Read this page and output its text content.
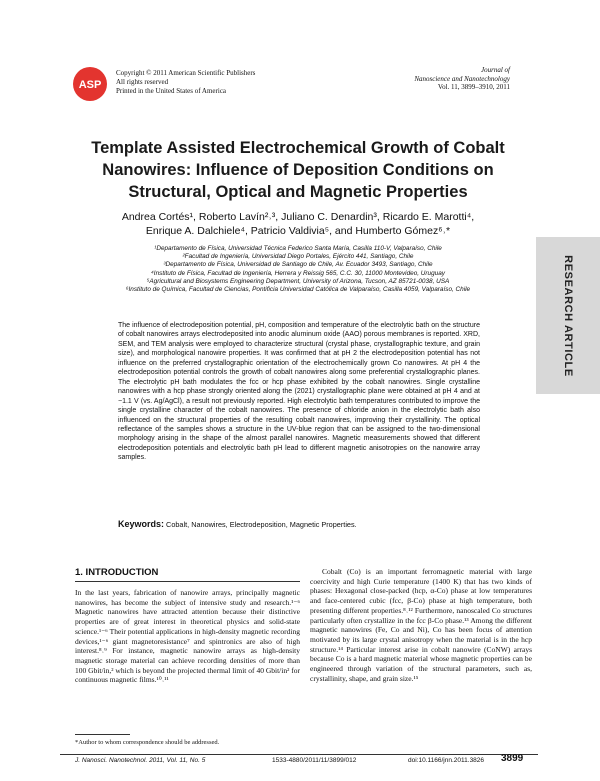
ASP
Copyright © 2011 American Scientific Publishers
All rights reserved
Printed in the United States of America
Journal of
Nanoscience and Nanotechnology
Vol. 11, 3899–3910, 2011
RESEARCH ARTICLE
Template Assisted Electrochemical Growth of Cobalt Nanowires: Influence of Deposition Conditions on Structural, Optical and Magnetic Properties
Andrea Cortés¹, Roberto Lavín²˒³, Juliano C. Denardin³, Ricardo E. Marotti⁴,
Enrique A. Dalchiele⁴, Patricio Valdivia⁵, and Humberto Gómez⁶˒*
¹Departamento de Física, Universidad Técnica Federico Santa María, Casilla 110-V, Valparaíso, Chile
²Facultad de Ingeniería, Universidad Diego Portales, Ejército 441, Santiago, Chile
³Departamento de Física, Universidad de Santiago de Chile, Av. Ecuador 3493, Santiago, Chile
⁴Instituto de Física, Facultad de Ingeniería, Herrera y Reissig 565, C.C. 30, 11000 Montevideo, Uruguay
⁵Agricultural and Biosystems Engineering Department, University of Arizona, Tucson, AZ 85721-0038, USA
⁶Instituto de Química, Facultad de Ciencias, Pontificia Universidad Católica de Valparaíso, Casilla 4059, Valparaíso, Chile
The influence of electrodeposition potential, pH, composition and temperature of the electrolytic bath on the structure of cobalt nanowires arrays electrodeposited into anodic aluminum oxide (AAO) porous membranes is reported. XRD, SEM, and TEM analysis were employed to characterize structural (crystal phase, crystallographic texture, and grain size), and morphological nanowire properties. It was confirmed that at pH 2 the electrodeposition potential has not influence on the preferred crystallographic orientation of the electrochemically grown Co nanowires. At pH 4 the electrodeposition potential controls the growth of cobalt nanowires along some preferential crystallographic planes. The electrolytic pH bath modulates the fcc or hcp phase exhibited by the cobalt nanowires. Single crystalline nanowires with a hcp phase strongly oriented along the (2021) crystallographic plane were obtained at pH 4 and at −1.1 V (vs. Ag/AgCl), a result not previously reported. High electrolytic bath temperatures contributed to improve the single crystalline character of the cobalt nanowires. The presence of chloride anion in the electrolytic bath also influenced on the structural properties of the resulting cobalt nanowires, improving their crystallinity. The optical reflectance of the samples shows a structure in the UV-blue region that can be assigned to the two-dimensional morphology arising in the shape of the almost parallel nanowires. Magnetic measurements showed that different electrodeposition potentials and electrolytic bath pH lead to different magnetic anisotropies on the nanowire array samples.
Keywords: Cobalt, Nanowires, Electrodeposition, Magnetic Properties.
1. INTRODUCTION

In the last years, fabrication of nanowire arrays, principally magnetic nanowires, has become the subject of intensive study and research.¹⁻⁶ Magnetic nanowires have attracted attention because their distinctive properties are of great interest in theoretical physics and solid-state science.¹⁻⁶ Their potential applications in high-density magnetic recording devices,¹⁻⁶ giant magnetoresistance⁷ and spintronics are also of high interest.⁸˒⁹ For instance, magnetic nanowire arrays as high-density magnetic storage material can achieve recording densities of more than 100 Gbit/in,² which is beyond the projected thermal limit of 40 Gbit/in² for continuous magnetic films.¹⁰˒¹¹

Cobalt (Co) is an important ferromagnetic material with large coercivity and high Curie temperature (1400 K) that has two kinds of phases: Hexagonal close-packed (hcp, α-Co) phase at low temperatures and face-centered cubic (fcc, β-Co) phase at high temperature, both presenting different properties.⁸˒¹² Furthermore, nanoscaled Co structures particularly often crystallize in the fcc β-Co phase.¹³ Among the different magnetic nanowires (Fe, Co and Ni), Co has been focus of attention motivated by its large crystal anisotropy when the material is in the hcp structure.¹⁴ Particular interest arise in cobalt nanowire (CoNW) arrays because Co is a hard magnetic material whose magnetic properties can be engineered through variation of the structural parameters, such as, crystallinity, shape, and grain size.¹⁵

*Author to whom correspondence should be addressed.
J. Nanosci. Nanotechnol. 2011, Vol. 11, No. 5	1533-4880/2011/11/3899/012	doi:10.1166/jnn.2011.3826 3899
